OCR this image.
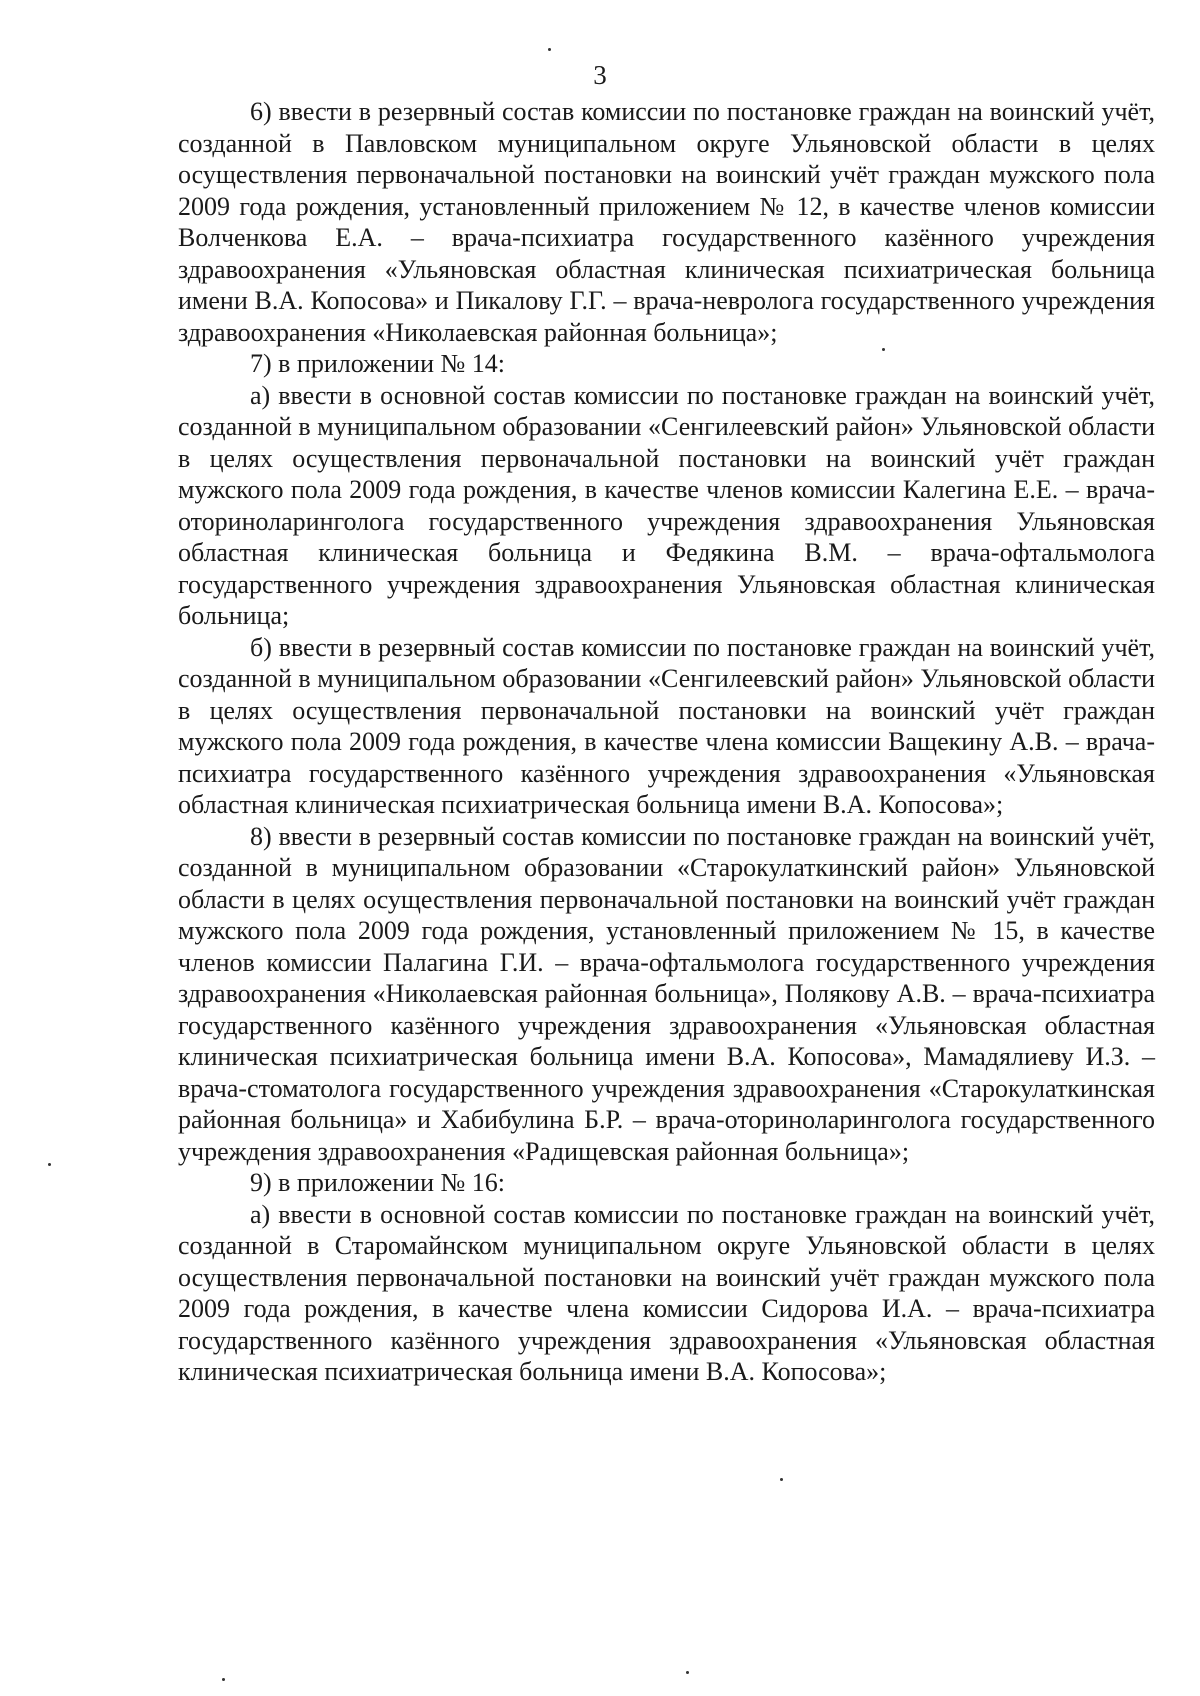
3

6) ввести в резервный состав комиссии по постановке граждан на воинский учёт, созданной в Павловском муниципальном округе Ульяновской области в целях осуществления первоначальной постановки на воинский учёт граждан мужского пола 2009 года рождения, установленный приложением № 12, в качестве членов комиссии Волченкова Е.А. – врача-психиатра государственного казённого учреждения здравоохранения «Ульяновская областная клиническая психиатрическая больница имени В.А. Копосова» и Пикалову Г.Г. – врача-невролога государственного учреждения здравоохранения «Николаевская районная больница»;

7) в приложении № 14:

а) ввести в основной состав комиссии по постановке граждан на воинский учёт, созданной в муниципальном образовании «Сенгилеевский район» Ульяновской области в целях осуществления первоначальной постановки на воинский учёт граждан мужского пола 2009 года рождения, в качестве членов комиссии Калегина Е.Е. – врача-оториноларинголога государственного учреждения здравоохранения Ульяновская областная клиническая больница и Федякина В.М. – врача-офтальмолога государственного учреждения здравоохранения Ульяновская областная клиническая больница;

б) ввести в резервный состав комиссии по постановке граждан на воинский учёт, созданной в муниципальном образовании «Сенгилеевский район» Ульяновской области в целях осуществления первоначальной постановки на воинский учёт граждан мужского пола 2009 года рождения, в качестве члена комиссии Ващекину А.В. – врача-психиатра государственного казённого учреждения здравоохранения «Ульяновская областная клиническая психиатрическая больница имени В.А. Копосова»;

8) ввести в резервный состав комиссии по постановке граждан на воинский учёт, созданной в муниципальном образовании «Старокулаткинский район» Ульяновской области в целях осуществления первоначальной постановки на воинский учёт граждан мужского пола 2009 года рождения, установленный приложением № 15, в качестве членов комиссии Палагина Г.И. – врача-офтальмолога государственного учреждения здравоохранения «Николаевская районная больница», Полякову А.В. – врача-психиатра государственного казённого учреждения здравоохранения «Ульяновская областная клиническая психиатрическая больница имени В.А. Копосова», Мамадялиеву И.З. – врача-стоматолога государственного учреждения здравоохранения «Старокулаткинская районная больница» и Хабибулина Б.Р. – врача-оториноларинголога государственного учреждения здравоохранения «Радищевская районная больница»;

9) в приложении № 16:

а) ввести в основной состав комиссии по постановке граждан на воинский учёт, созданной в Старомайнском муниципальном округе Ульяновской области в целях осуществления первоначальной постановки на воинский учёт граждан мужского пола 2009 года рождения, в качестве члена комиссии Сидорова И.А. – врача-психиатра государственного казённого учреждения здравоохранения «Ульяновская областная клиническая психиатрическая больница имени В.А. Копосова»;
